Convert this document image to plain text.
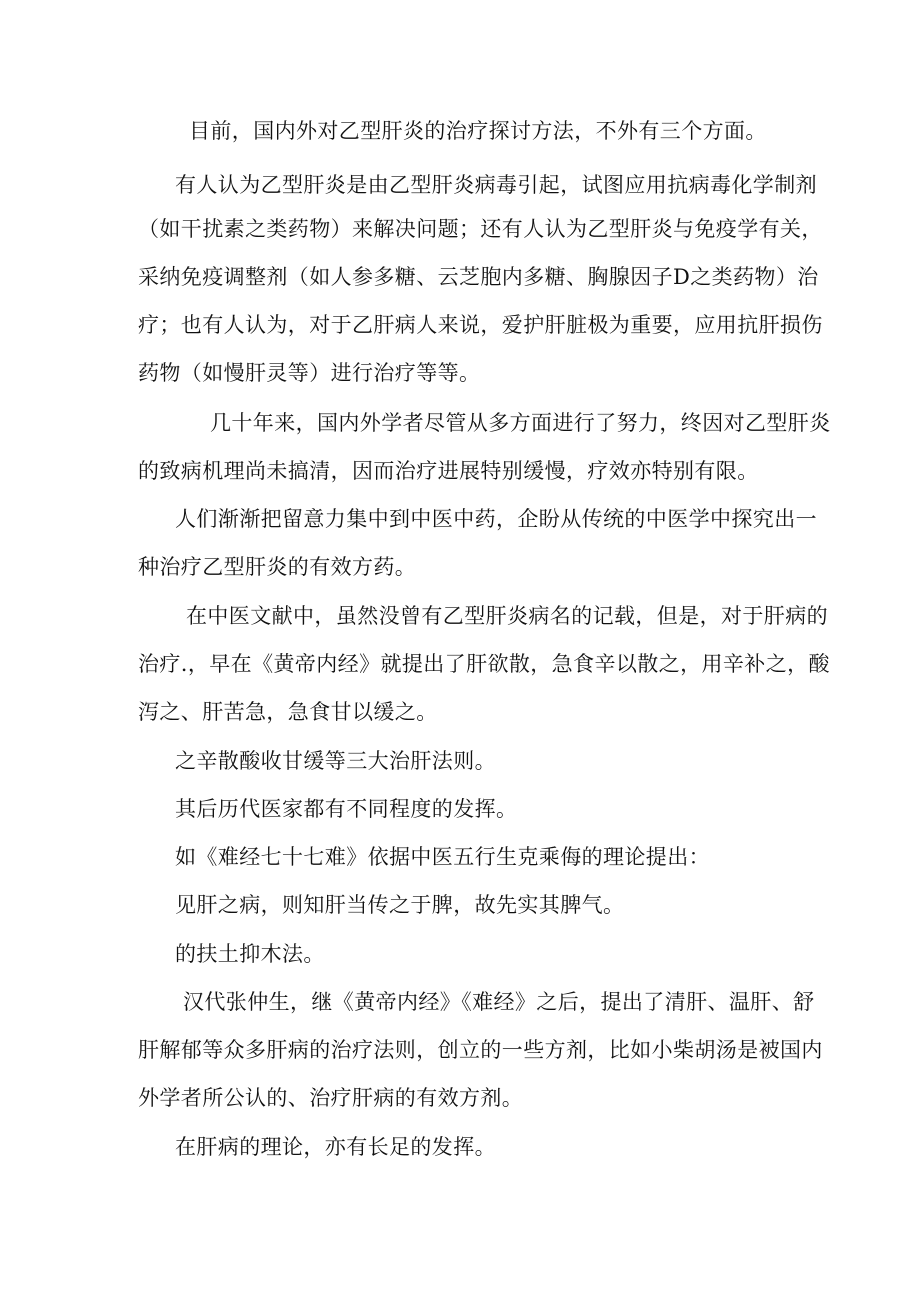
目前，国内外对乙型肝炎的治疗探讨方法，不外有三个方面。
有人认为乙型肝炎是由乙型肝炎病毒引起，试图应用抗病毒化学制剂
（如干扰素之类药物）来解决问题；还有人认为乙型肝炎与免疫学有关，
采纳免疫调整剂（如人参多糖、云芝胞内多糖、胸腺因子D之类药物）治
疗；也有人认为，对于乙肝病人来说，爱护肝脏极为重要，应用抗肝损伤
药物（如慢肝灵等）进行治疗等等。
几十年来，国内外学者尽管从多方面进行了努力，终因对乙型肝炎
的致病机理尚未搞清，因而治疗进展特别缓慢，疗效亦特别有限。
人们渐渐把留意力集中到中医中药，企盼从传统的中医学中探究出一
种治疗乙型肝炎的有效方药。
在中医文献中，虽然没曾有乙型肝炎病名的记载，但是，对于肝病的
治疗.，早在《黄帝内经》就提出了肝欲散，急食辛以散之，用辛补之，酸
泻之、肝苦急，急食甘以缓之。
之辛散酸收甘缓等三大治肝法则。
其后历代医家都有不同程度的发挥。
如《难经七十七难》依据中医五行生克乘侮的理论提出：
见肝之病，则知肝当传之于脾，故先实其脾气。
的扶土抑木法。
汉代张仲生，继《黄帝内经》《难经》之后，提出了清肝、温肝、舒
肝解郁等众多肝病的治疗法则，创立的一些方剂，比如小柴胡汤是被国内
外学者所公认的、治疗肝病的有效方剂。
在肝病的理论，亦有长足的发挥。
